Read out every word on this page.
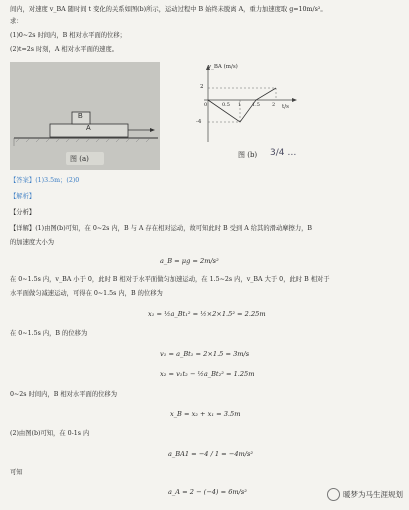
间内，对速度 v_BA 随时间 t 变化的关系如图(b)所示，运动过程中 B 始终未脱离 A，重力加速度取 g=10m/s²。
求：
(1)0~2s 时间内，B 相对水平面的位移；
(2)t=2s 时刻，A 相对水平面的速度。
B
A
图 (a)
v_BA (m/s)
t/s
2
-4
0	0.5 1 1.5 2
图 (b) 3/4 …
【答案】(1)3.5m；(2)0
【解析】
【分析】
【详解】(1)由图(b)可知，在 0~2s 内，B 与 A 存在相对运动，故可知此时 B 受到 A 给其的滑动摩擦力，B
的加速度大小为
a_B = μg = 2m/s²
在 0~1.5s 内，v_BA 小于 0，此时 B 相对于水平面做匀加速运动，在 1.5~2s 内，v_BA 大于 0，此时 B 相对于
水平面做匀减速运动，可得在 0~1.5s 内，B 的位移为
x₁ = ½a_Bt₁² = ½×2×1.5² = 2.25m
在 0~1.5s 内，B 的位移为
v₁ = a_Bt₁ = 2×1.5 = 3m/s
x₂ = v₁t₂ − ½a_Bt₂² = 1.25m
0~2s 时间内，B 相对水平面的位移为
x_B = x₂ + x₁ = 3.5m
(2)由图(b)可知，在 0-1s 内
a_BA1 = −4 / 1 = −4m/s²
可知
a_A = 2 − (−4) = 6m/s²	暖梦为马生涯规划
